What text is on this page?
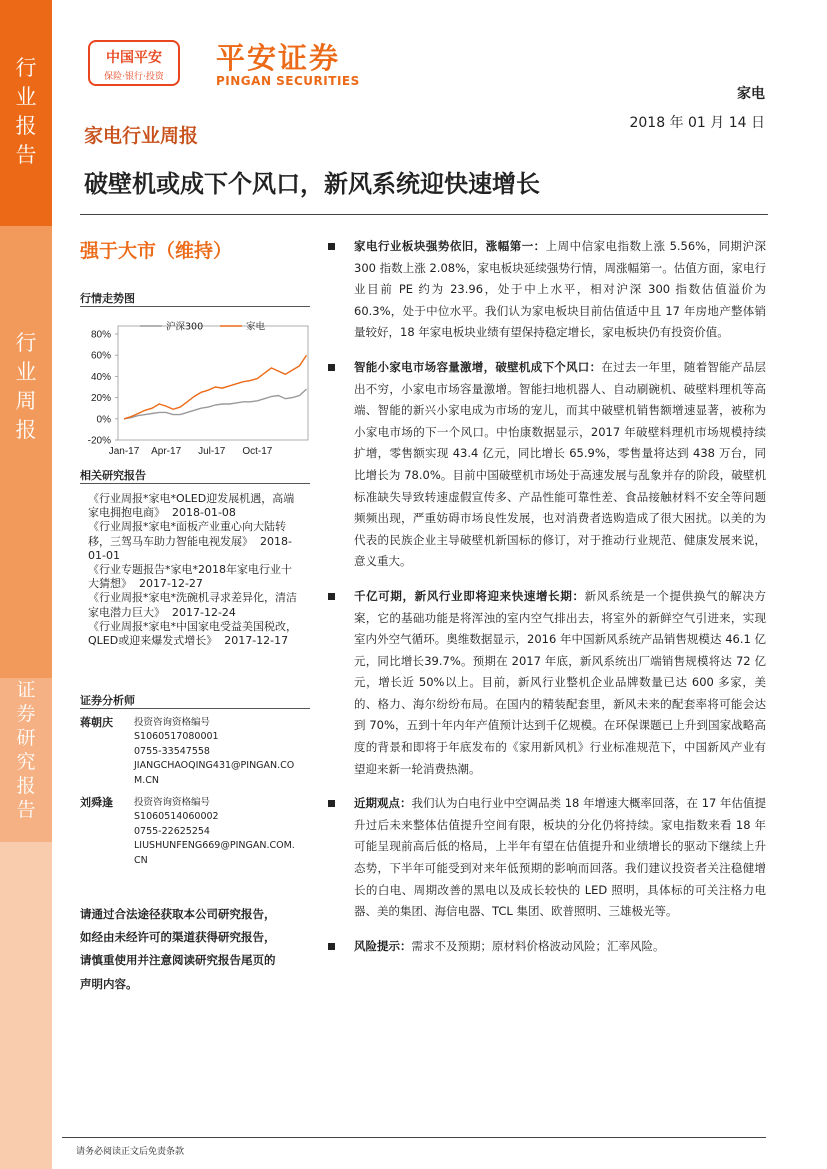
行
业
报
告
行
业
周
报
证
券
研
究
报
告
中国平安
保险·银行·投资
平安证券
PINGAN SECURITIES
家电
2018 年 01 月 14 日
家电行业周报
破壁机或成下个风口，新风系统迎快速增长
强于大市（维持）
行情走势图
80%
60%
40%
20%
0%
-20%
Jan-17 Apr-17 Jul-17 Oct-17
沪深300	家电
相关研究报告
《行业周报*家电*OLED迎发展机遇，高端家电拥抱电商》  2018-01-08
《行业周报*家电*面板产业重心向大陆转移，三驾马车助力智能电视发展》  2018-01-01
《行业专题报告*家电*2018年家电行业十大猜想》  2017-12-27
《行业周报*家电*洗碗机寻求差异化，清洁家电潜力巨大》  2017-12-24
《行业周报*家电*中国家电受益美国税改，QLED或迎来爆发式增长》  2017-12-17
证券分析师
蒋朝庆 投资咨询资格编号
S1060517080001
0755-33547558
JIANGCHAOQING431@PINGAN.COM.CN
刘舜逢 投资咨询资格编号
S1060514060002
0755-22625254
LIUSHUNFENG669@PINGAN.COM.CN
请通过合法途径获取本公司研究报告，如经由未经许可的渠道获得研究报告，请慎重使用并注意阅读研究报告尾页的声明内容。
家电行业板块强势依旧，涨幅第一：上周中信家电指数上涨 5.56%，同期沪深300 指数上涨 2.08%，家电板块延续强势行情，周涨幅第一。估值方面，家电行业目前 PE 约为 23.96，处于中上水平，相对沪深 300 指数估值溢价为 60.3%，处于中位水平。我们认为家电板块目前估值适中且 17 年房地产整体销量较好，18 年家电板块业绩有望保持稳定增长，家电板块仍有投资价值。
智能小家电市场容量激增，破壁机成下个风口：在过去一年里，随着智能产品层出不穷，小家电市场容量激增。智能扫地机器人、自动刷碗机、破壁料理机等高端、智能的新兴小家电成为市场的宠儿，而其中破壁机销售额增速显著，被称为小家电市场的下一个风口。中怡康数据显示，2017 年破壁料理机市场规模持续扩增，零售额实现 43.4 亿元，同比增长 65.9%，零售量将达到 438 万台，同比增长为 78.0%。目前中国破壁机市场处于高速发展与乱象并存的阶段，破壁机标准缺失导致转速虚假宣传多、产品性能可靠性差、食品接触材料不安全等问题频频出现，严重妨碍市场良性发展，也对消费者选购造成了很大困扰。以美的为代表的民族企业主导破壁机新国标的修订，对于推动行业规范、健康发展来说，意义重大。
千亿可期，新风行业即将迎来快速增长期：新风系统是一个提供换气的解决方案，它的基础功能是将浑浊的室内空气排出去，将室外的新鲜空气引进来，实现室内外空气循环。奥维数据显示，2016 年中国新风系统产品销售规模达 46.1 亿元，同比增长39.7%。预期在 2017 年底，新风系统出厂端销售规模将达 72 亿元，增长近 50%以上。目前，新风行业整机企业品牌数量已达 600 多家，美的、格力、海尔纷纷布局。在国内的精装配套里，新风未来的配套率将可能会达到 70%，五到十年内年产值预计达到千亿规模。在环保课题已上升到国家战略高度的背景和即将于年底发布的《家用新风机》行业标准规范下，中国新风产业有望迎来新一轮消费热潮。
近期观点：我们认为白电行业中空调品类 18 年增速大概率回落，在 17 年估值提升过后未来整体估值提升空间有限，板块的分化仍将持续。家电指数来看 18 年可能呈现前高后低的格局，上半年有望在估值提升和业绩增长的驱动下继续上升态势，下半年可能受到对来年低预期的影响而回落。我们建议投资者关注稳健增长的白电、周期改善的黑电以及成长较快的 LED 照明，具体标的可关注格力电器、美的集团、海信电器、TCL 集团、欧普照明、三雄极光等。
风险提示：需求不及预期；原材料价格波动风险；汇率风险。
请务必阅读正文后免责条款
